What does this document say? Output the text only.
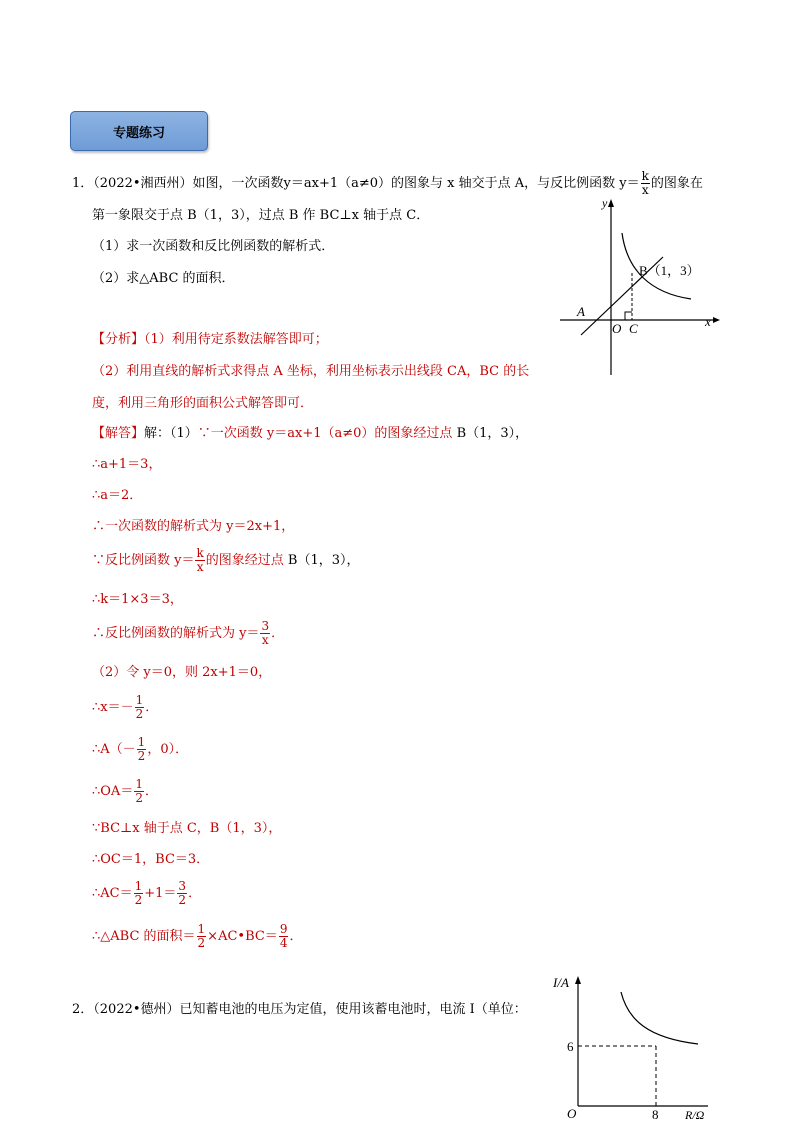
专题练习
1．（2022•湘西州）如图，一次函数y＝ax+1（a≠0）的图象与 x 轴交于点 A，与反比例函数 $y= \frac{k}{x}$ 的图象在
第一象限交于点 B（1，3），过点 B 作 BC⊥x 轴于点 C．
（1）求一次函数和反比例函数的解析式．
（2）求△ABC 的面积．
y
x
A
O C
B（1，3）
【分析】（1）利用待定系数法解答即可；
（2）利用直线的解析式求得点 A 坐标，利用坐标表示出线段 CA，BC 的长
度，利用三角形的面积公式解答即可．
【解答】解：（1）∵一次函数 y＝ax+1（a≠0）的图象经过点 B（1，3），
∴a+1＝3，
∴a＝2．
∴一次函数的解析式为 y＝2x+1，
∵反比例函数 $y= \frac{k}{x}$ 的图象经过点 B（1，3），
∴k＝1×3＝3，
∴反比例函数的解析式为 $y= \frac{3}{x}$ ．
（2）令 y＝0，则 2x+1＝0，
∴x＝－ $\frac{1}{2}$ ．
∴A（－ $\frac{1}{2}$ ，0）．
∴OA＝ $\frac{1}{2}$ ．
∵BC⊥x 轴于点 C，B（1，3），
∴OC＝1，BC＝3．
∴AC＝ $\frac{1}{2} +1= \frac{3}{2}$ ．
∴△ABC 的面积＝ $\frac{1}{2}$ ×AC•BC＝ $\frac{9}{4}$ ．
2．（2022•德州）已知蓄电池的电压为定值，使用该蓄电池时，电流 I（单位：
I/A
R/Ω
O
6
8
